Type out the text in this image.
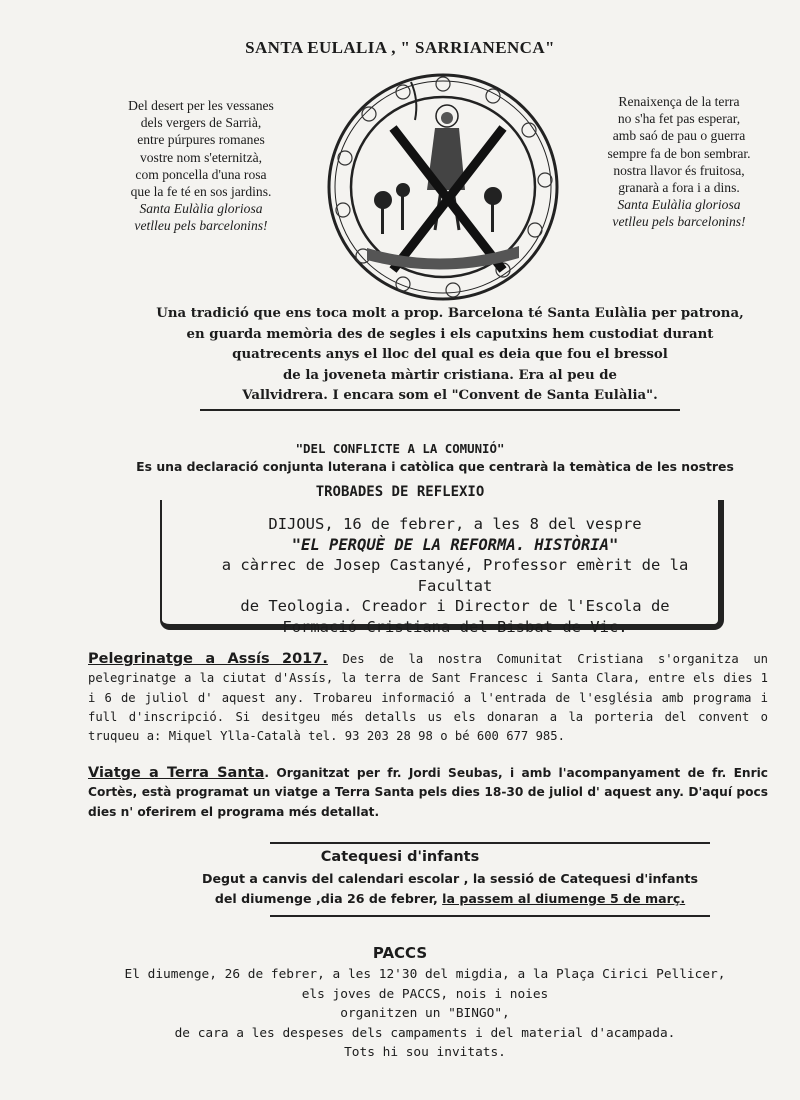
SANTA EULALIA , " SARRIANENCA"
Del desert per les vessanes
dels vergers de Sarrià,
entre púrpures romanes
vostre nom s'eternitzà,
com poncella d'una rosa
que la fe té en sos jardins.
Santa Eulàlia gloriosa
vetlleu pels barcelonins!
Renaixença de la terra
no s'ha fet pas esperar,
amb saó de pau o guerra
sempre fa de bon sembrar.
nostra llavor és fruitosa,
granarà a fora i a dins.
Santa Eulàlia gloriosa
vetlleu pels barcelonins!
Una tradició que ens toca molt a prop. Barcelona té Santa Eulàlia per patrona,
en guarda memòria des de segles i els caputxins hem custodiat durant
quatrecents anys el lloc del qual es deia que fou el bressol
de la joveneta màrtir cristiana. Era al peu de
Vallvidrera. I encara som el "Convent de Santa Eulàlia".
"DEL CONFLICTE A LA COMUNIÓ"
Es una declaració conjunta luterana i catòlica que centrarà la temàtica de les nostres
TROBADES DE REFLEXIO
DIJOUS, 16 de febrer, a les 8 del vespre
"EL PERQUÈ DE LA REFORMA. HISTÒRIA"
a càrrec de Josep Castanyé, Professor emèrit de la Facultat
de Teologia. Creador i Director de l'Escola de
Formació Cristiana del Bisbat de Vic.
Pelegrinatge a Assís 2017. Des de la nostra Comunitat Cristiana s'organitza un pelegrinatge a la ciutat d'Assís, la terra de Sant Francesc i Santa Clara, entre els dies 1 i 6 de juliol d' aquest any. Trobareu informació a l'entrada de l'església amb programa i full d'inscripció. Si desitgeu més detalls us els donaran a la porteria del convent o truqueu a: Miquel Ylla-Català tel. 93 203 28 98 o bé 600 677 985.
Viatge a Terra Santa. Organitzat per fr. Jordi Seubas, i amb l'acompanyament de fr. Enric Cortès, està programat un viatge a Terra Santa pels dies 18-30 de juliol d' aquest any. D'aquí pocs dies n' oferirem el programa més detallat.
Catequesi d'infants
Degut a canvis del calendari escolar , la sessió de Catequesi d'infants
del diumenge ,dia 26 de febrer, la passem al diumenge 5 de març.
PACCS
El diumenge, 26 de febrer, a les 12'30 del migdia, a la Plaça Cirici Pellicer,
els joves de PACCS, nois i noies
organitzen un "BINGO",
de cara a les despeses dels campaments i del material d'acampada.
Tots hi sou invitats.
